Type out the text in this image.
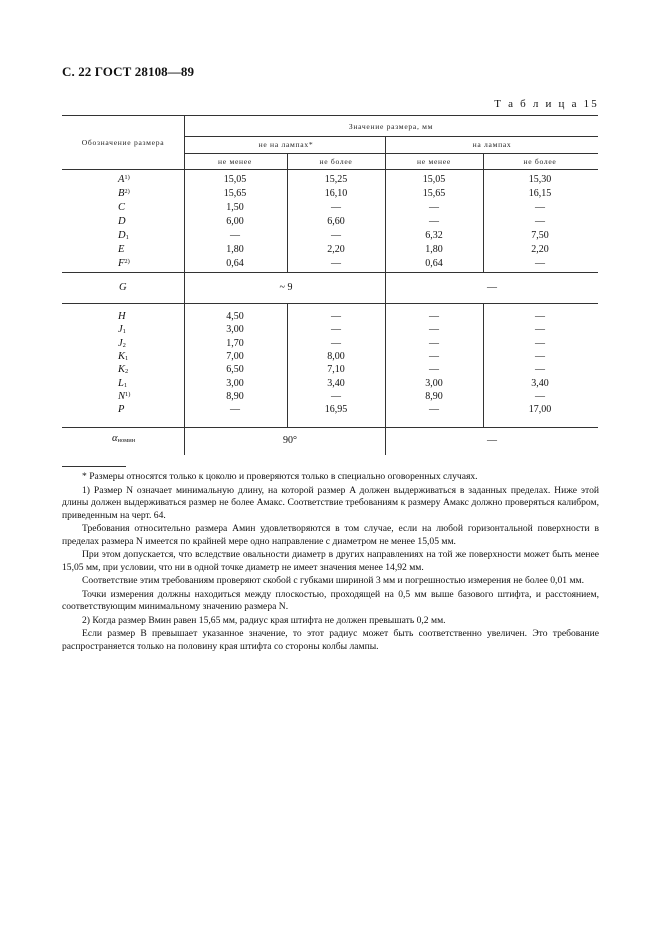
С. 22 ГОСТ 28108—89
Т а б л и ц а 15
Обозначение размера
Значение размера, мм
не на лампах*	на лампах
не менее	не более	не менее	не более
$A^{1)}$	15,05	15,25	15,05	15,30
$B^{2)}$	15,65	16,10	15,65	16,15
C	1,50	—	—	—
D	6,00	6,60	—	—
$D_1$	—	—	6,32	7,50
E	1,80	2,20	1,80	2,20
$F^{2)}$	0,64	—	0,64	—
G	~ 9	—
H	4,50	—	—	—
$J_1$	3,00	—	—	—
$J_2$	1,70	—	—	—
$K_1$	7,00	8,00	—	—
$K_2$	6,50	7,10	—	—
$L_1$	3,00	3,40	3,00	3,40
$N^{1)}$	8,90	—	8,90	—
P	—	16,95	—	17,00
$\alpha_{номин}$	90°	—

* Размеры относятся только к цоколю и проверяются только в специально оговоренных случаях.

1) Размер N означает минимальную длину, на которой размер A должен выдерживаться в заданных пределах. Ниже этой длины должен выдерживаться размер не более Aмакс. Соответствие требованиям к размеру Aмакс должно проверяться калибром, приведенным на черт. 64.

Требования относительно размера Aмин удовлетворяются в том случае, если на любой горизонтальной поверхности в пределах размера N имеется по крайней мере одно направление с диаметром не менее 15,05 мм.

При этом допускается, что вследствие овальности диаметр в других направлениях на той же поверхности может быть менее 15,05 мм, при условии, что ни в одной точке диаметр не имеет значения менее 14,92 мм.

Соответствие этим требованиям проверяют скобой с губками шириной 3 мм и погрешностью измерения не более 0,01 мм.

Точки измерения должны находиться между плоскостью, проходящей на 0,5 мм выше базового штифта, и расстоянием, соответствующим минимальному значению размера N.

2) Когда размер Bмин равен 15,65 мм, радиус края штифта не должен превышать 0,2 мм.

Если размер B превышает указанное значение, то этот радиус может быть соответственно увеличен. Это требование распространяется только на половину края штифта со стороны колбы лампы.
